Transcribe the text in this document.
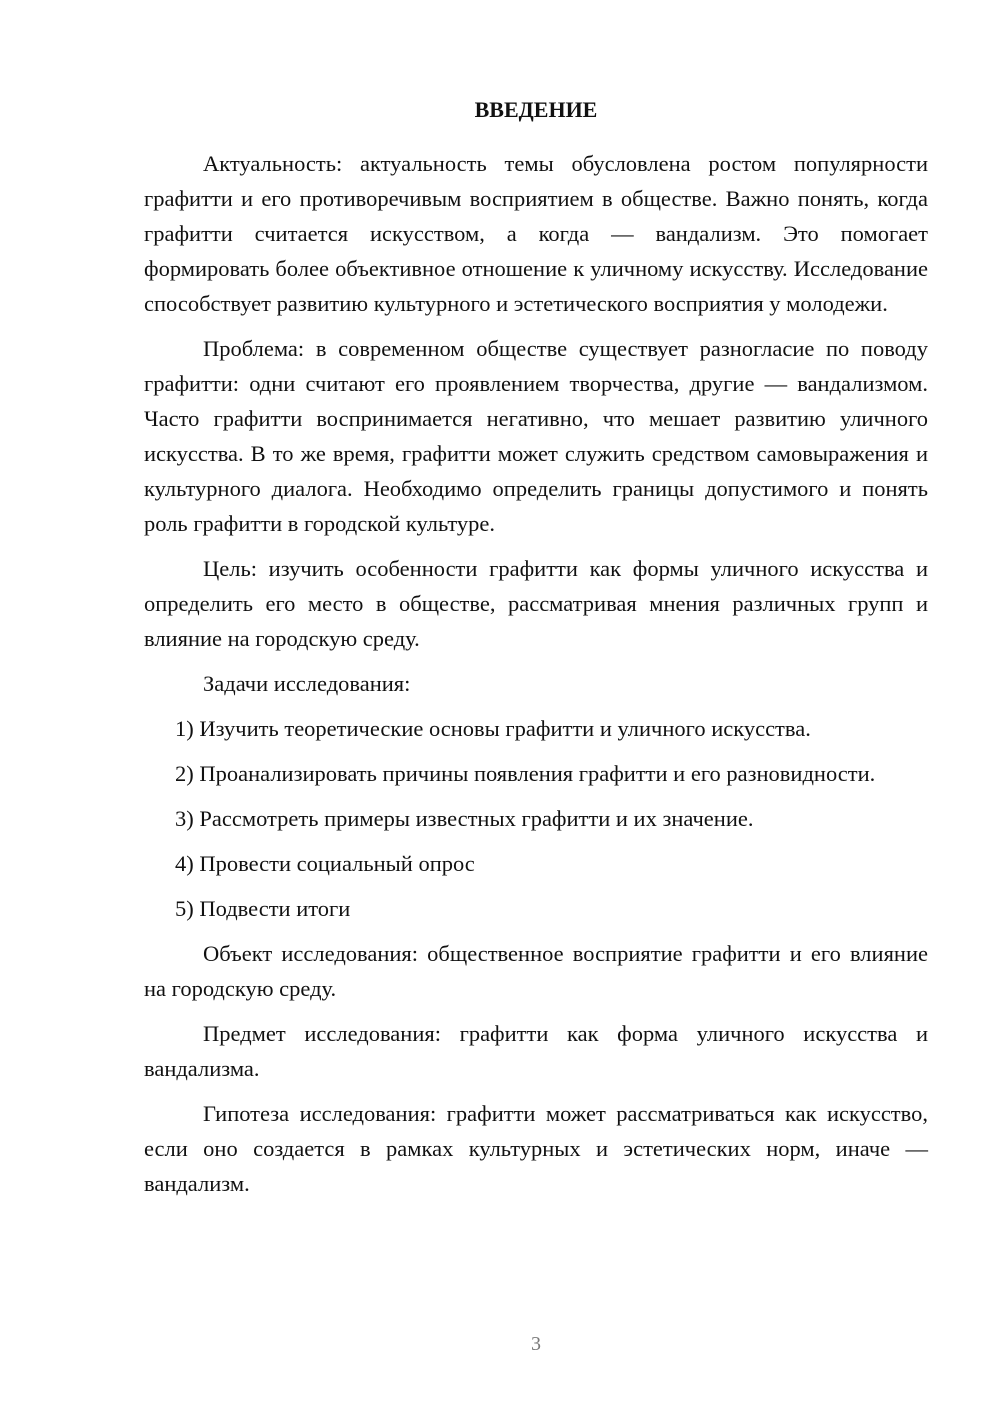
ВВЕДЕНИЕ

Актуальность: актуальность темы обусловлена ростом популярности графитти и его противоречивым восприятием в обществе. Важно понять, когда графитти считается искусством, а когда — вандализм. Это помогает формировать более объективное отношение к уличному искусству. Исследование способствует развитию культурного и эстетического восприятия у молодежи.

Проблема: в современном обществе существует разногласие по поводу графитти: одни считают его проявлением творчества, другие — вандализмом. Часто графитти воспринимается негативно, что мешает развитию уличного искусства. В то же время, графитти может служить средством самовыражения и культурного диалога. Необходимо определить границы допустимого и понять роль графитти в городской культуре.

Цель: изучить особенности графитти как формы уличного искусства и определить его место в обществе, рассматривая мнения различных групп и влияние на городскую среду.

Задачи исследования:

1) Изучить теоретические основы графитти и уличного искусства.

2) Проанализировать причины появления графитти и его разновидности.

3) Рассмотреть примеры известных графитти и их значение.

4) Провести социальный опрос

5) Подвести итоги

Объект исследования: общественное восприятие графитти и его влияние на городскую среду.

Предмет исследования: графитти как форма уличного искусства и вандализма.

Гипотеза исследования: графитти может рассматриваться как искусство, если оно создается в рамках культурных и эстетических норм, иначе — вандализм.

3
